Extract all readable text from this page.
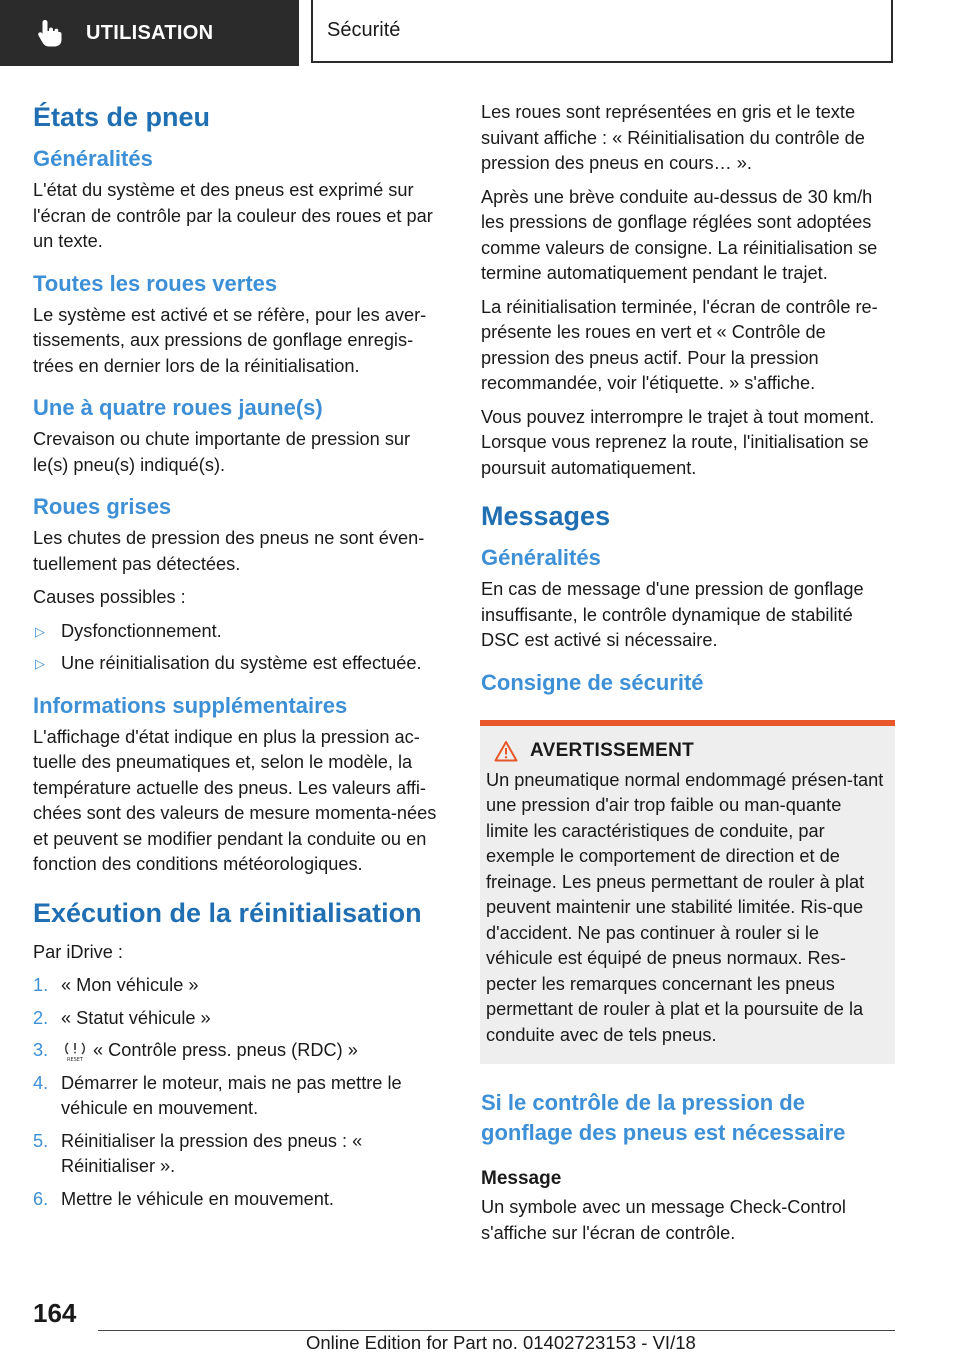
UTILISATION	Sécurité
États de pneu
Généralités

L'état du système et des pneus est exprimé sur l'écran de contrôle par la couleur des roues et par un texte.

Toutes les roues vertes

Le système est activé et se réfère, pour les aver‐tissements, aux pressions de gonflage enregis‐trées en dernier lors de la réinitialisation.

Une à quatre roues jaune(s)

Crevaison ou chute importante de pression sur le(s) pneu(s) indiqué(s).

Roues grises

Les chutes de pression des pneus ne sont éven‐tuellement pas détectées.

Causes possibles :

▷ Dysfonctionnement.
▷ Une réinitialisation du système est effectuée.
Informations supplémentaires

L'affichage d'état indique en plus la pression ac‐tuelle des pneumatiques et, selon le modèle, la température actuelle des pneus. Les valeurs affi‐chées sont des valeurs de mesure momenta‐nées et peuvent se modifier pendant la conduite ou en fonction des conditions météorologiques.

Exécution de la réinitialisation

Par iDrive :

1. « Mon véhicule »
2. « Statut véhicule »
3.
RESET
« Contrôle press. pneus (RDC) »
4. Démarrer le moteur, mais ne pas mettre le véhicule en mouvement.
5. Réinitialiser la pression des pneus : « Réinitialiser ».
6. Mettre le véhicule en mouvement.

Les roues sont représentées en gris et le texte suivant affiche : « Réinitialisation du contrôle de pression des pneus en cours… ».

Après une brève conduite au-dessus de 30 km/h les pressions de gonflage réglées sont adoptées comme valeurs de consigne. La réinitialisation se termine automatiquement pendant le trajet.

La réinitialisation terminée, l'écran de contrôle re‐présente les roues en vert et « Contrôle de pression des pneus actif. Pour la pression recommandée, voir l'étiquette. » s'affiche.

Vous pouvez interrompre le trajet à tout moment. Lorsque vous reprenez la route, l'initialisation se poursuit automatiquement.

Messages
Généralités

En cas de message d'une pression de gonflage insuffisante, le contrôle dynamique de stabilité DSC est activé si nécessaire.

Consigne de sécurité
AVERTISSEMENT

Un pneumatique normal endommagé présen‐tant une pression d'air trop faible ou man‐quante limite les caractéristiques de conduite, par exemple le comportement de direction et de freinage. Les pneus permettant de rouler à plat peuvent maintenir une stabilité limitée. Ris‐que d'accident. Ne pas continuer à rouler si le véhicule est équipé de pneus normaux. Res‐pecter les remarques concernant les pneus permettant de rouler à plat et la poursuite de la conduite avec de tels pneus.

Si le contrôle de la pression de gonflage des pneus est nécessaire
Message

Un symbole avec un message Check-Control s'affiche sur l'écran de contrôle.

164
Online Edition for Part no. 01402723153 - VI/18
